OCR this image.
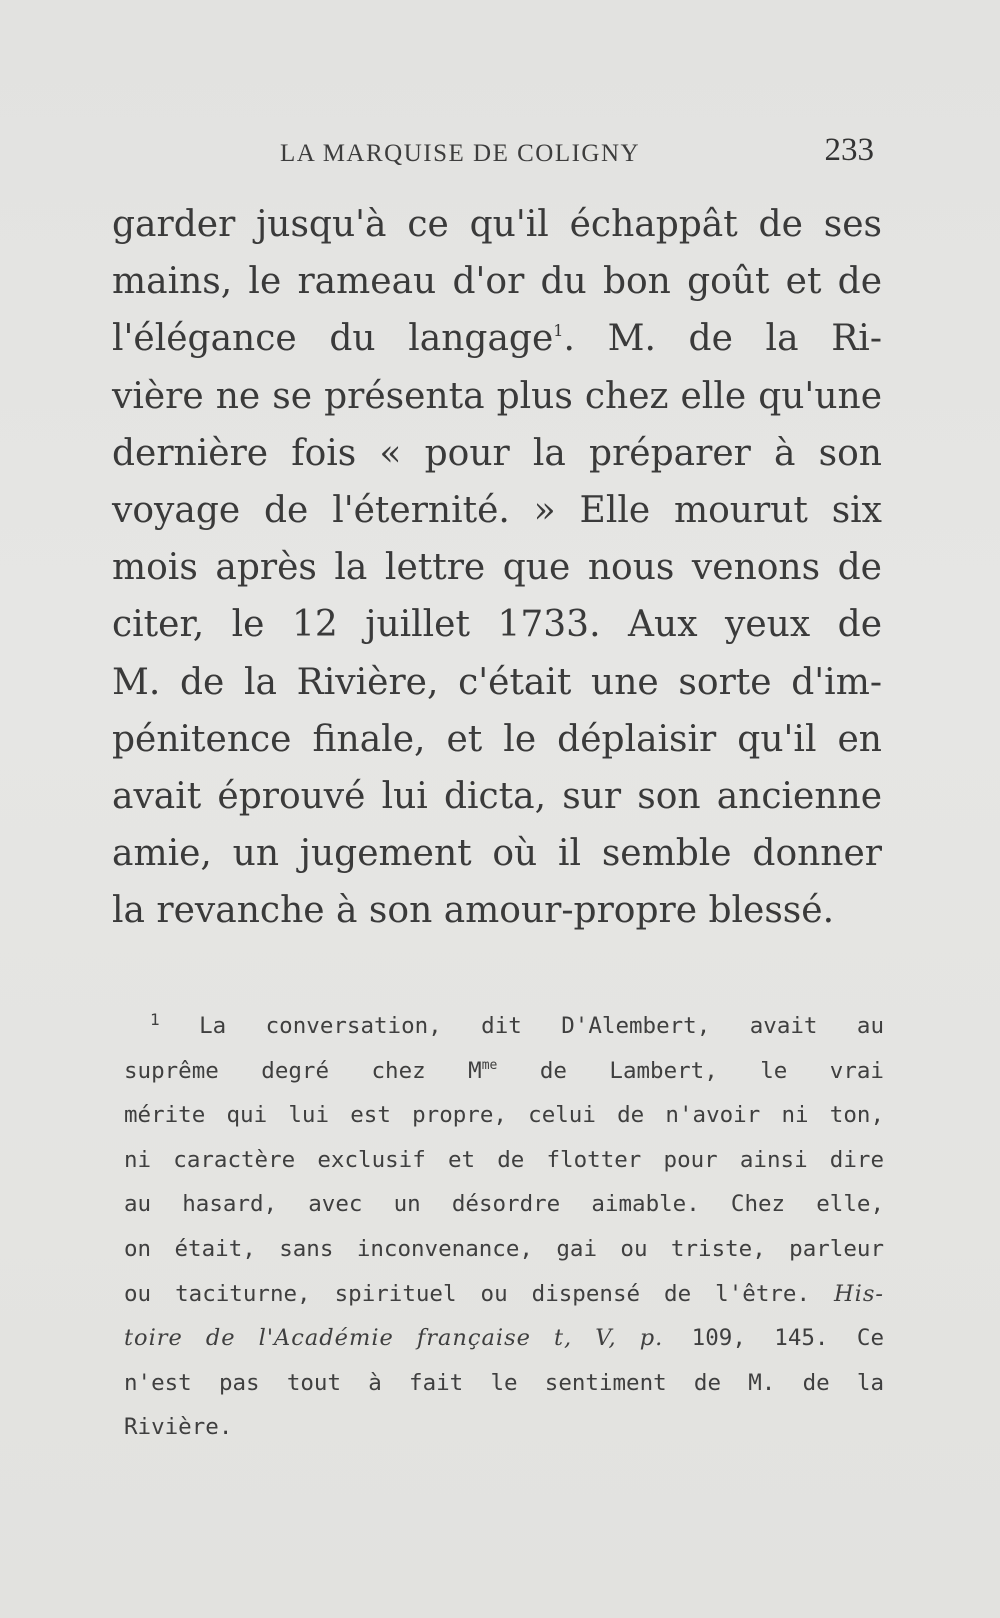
LA MARQUISE DE COLIGNY	233
garder jusqu'à ce qu'il échappât de ses
mains, le rameau d'or du bon goût et de
l'élégance du langage$^1$. M. de la Ri-
vière ne se présenta plus chez elle qu'une
dernière fois « pour la préparer à son
voyage de l'éternité. » Elle mourut six
mois après la lettre que nous venons de
citer, le 12 juillet 1733. Aux yeux de
M. de la Rivière, c'était une sorte d'im-
pénitence finale, et le déplaisir qu'il en
avait éprouvé lui dicta, sur son ancienne
amie, un jugement où il semble donner
la revanche à son amour-propre blessé.
$^1$ La conversation, dit D'Alembert, avait au
suprême degré chez $M^{me}$ de Lambert, le vrai
mérite qui lui est propre, celui de n'avoir ni ton,
ni caractère exclusif et de flotter pour ainsi dire
au hasard, avec un désordre aimable. Chez elle,
on était, sans inconvenance, gai ou triste, parleur
ou taciturne, spirituel ou dispensé de l'être. His-
toire de l'Académie française t, V, p. 109, 145. Ce
n'est pas tout à fait le sentiment de M. de la
Rivière.
